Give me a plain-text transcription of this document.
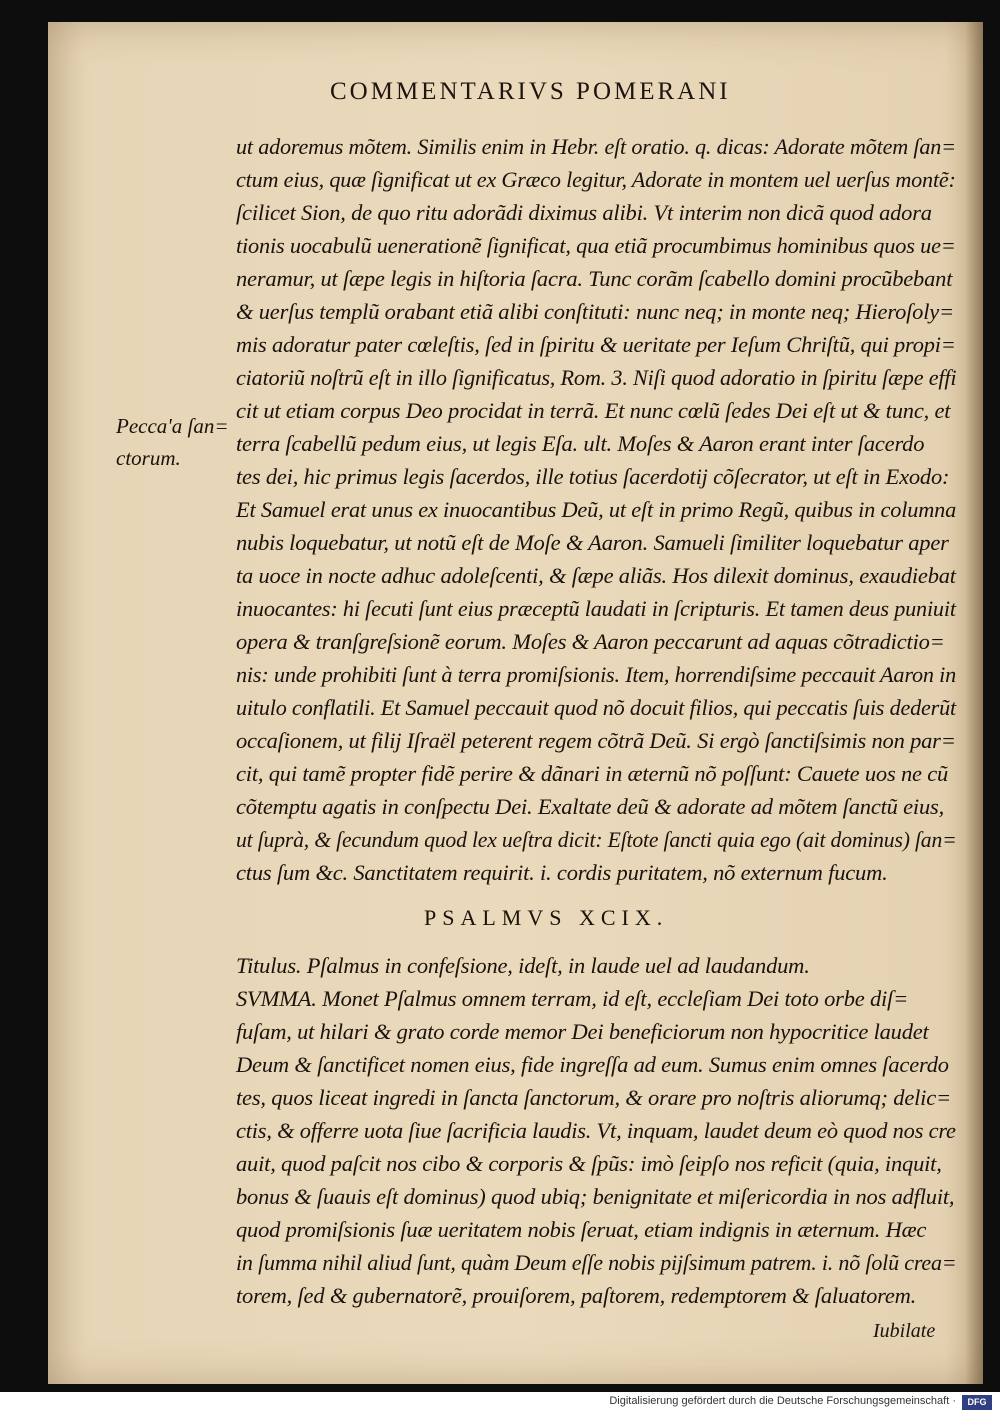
COMMENTARIVS POMERANI
Pecca'a ſan=
ctorum.
ut adoremus mõtem. Similis enim in Hebr. eſt oratio. q. dicas: Adorate mõtem ſan=
ctum eius, quæ ſignificat ut ex Græco legitur, Adorate in montem uel uerſus montẽ:
ſcilicet Sion, de quo ritu adorãdi diximus alibi. Vt interim non dicã quod adora
tionis uocabulũ uenerationẽ ſignificat, qua etiã procumbimus hominibus quos ue=
neramur, ut ſæpe legis in hiſtoria ſacra. Tunc corãm ſcabello domini procũbebant
& uerſus templũ orabant etiã alibi conſtituti: nunc neq; in monte neq; Hieroſoly=
mis adoratur pater cœleſtis, ſed in ſpiritu & ueritate per Ieſum Chriſtũ, qui propi=
ciatoriũ noſtrũ eſt in illo ſignificatus, Rom. 3. Niſi quod adoratio in ſpiritu ſæpe effi
cit ut etiam corpus Deo procidat in terrã. Et nunc cœlũ ſedes Dei eſt ut & tunc, et
terra ſcabellũ pedum eius, ut legis Eſa. ult. Moſes & Aaron erant inter ſacerdo
tes dei, hic primus legis ſacerdos, ille totius ſacerdotij cõſecrator, ut eſt in Exodo:
Et Samuel erat unus ex inuocantibus Deũ, ut eſt in primo Regũ, quibus in columna
nubis loquebatur, ut notũ eſt de Moſe & Aaron. Samueli ſimiliter loquebatur aper
ta uoce in nocte adhuc adoleſcenti, & ſæpe aliãs. Hos dilexit dominus, exaudiebat
inuocantes: hi ſecuti ſunt eius præceptũ laudati in ſcripturis. Et tamen deus puniuit
opera & tranſgreſsionẽ eorum. Moſes & Aaron peccarunt ad aquas cõtradictio=
nis: unde prohibiti ſunt à terra promiſsionis. Item, horrendiſsime peccauit Aaron in
uitulo conflatili. Et Samuel peccauit quod nõ docuit filios, qui peccatis ſuis dederũt
occaſionem, ut filij Iſraël peterent regem cõtrã Deũ. Si ergò ſanctiſsimis non par=
cit, qui tamẽ propter fidẽ perire & dãnari in æternũ nõ poſſunt: Cauete uos ne cũ
cõtemptu agatis in conſpectu Dei. Exaltate deũ & adorate ad mõtem ſanctũ eius,
ut ſuprà, & ſecundum quod lex ueſtra dicit: Eſtote ſancti quia ego (ait dominus) ſan=
ctus ſum &c. Sanctitatem requirit. i. cordis puritatem, nõ externum fucum.
PSALMVS XCIX.
Titulus. Pſalmus in confeſsione, ideſt, in laude uel ad laudandum.
SVMMA. Monet Pſalmus omnem terram, id eſt, eccleſiam Dei toto orbe diſ=
fuſam, ut hilari & grato corde memor Dei beneficiorum non hypocritice laudet
Deum & ſanctificet nomen eius, fide ingreſſa ad eum. Sumus enim omnes ſacerdo
tes, quos liceat ingredi in ſancta ſanctorum, & orare pro noſtris aliorumq; delic=
ctis, & offerre uota ſiue ſacrificia laudis. Vt, inquam, laudet deum eò quod nos cre
auit, quod paſcit nos cibo & corporis & ſpũs: imò ſeipſo nos reficit (quia, inquit,
bonus & ſuauis eſt dominus) quod ubiq; benignitate et miſericordia in nos adfluit,
quod promiſsionis ſuæ ueritatem nobis ſeruat, etiam indignis in æternum. Hæc
in ſumma nihil aliud ſunt, quàm Deum eſſe nobis pijſsimum patrem. i. nõ ſolũ crea=
torem, ſed & gubernatorẽ, prouiſorem, paſtorem, redemptorem & ſaluatorem.
Iubilate
Digitalisierung gefördert durch die Deutsche Forschungsgemeinschaft ·	DFG
